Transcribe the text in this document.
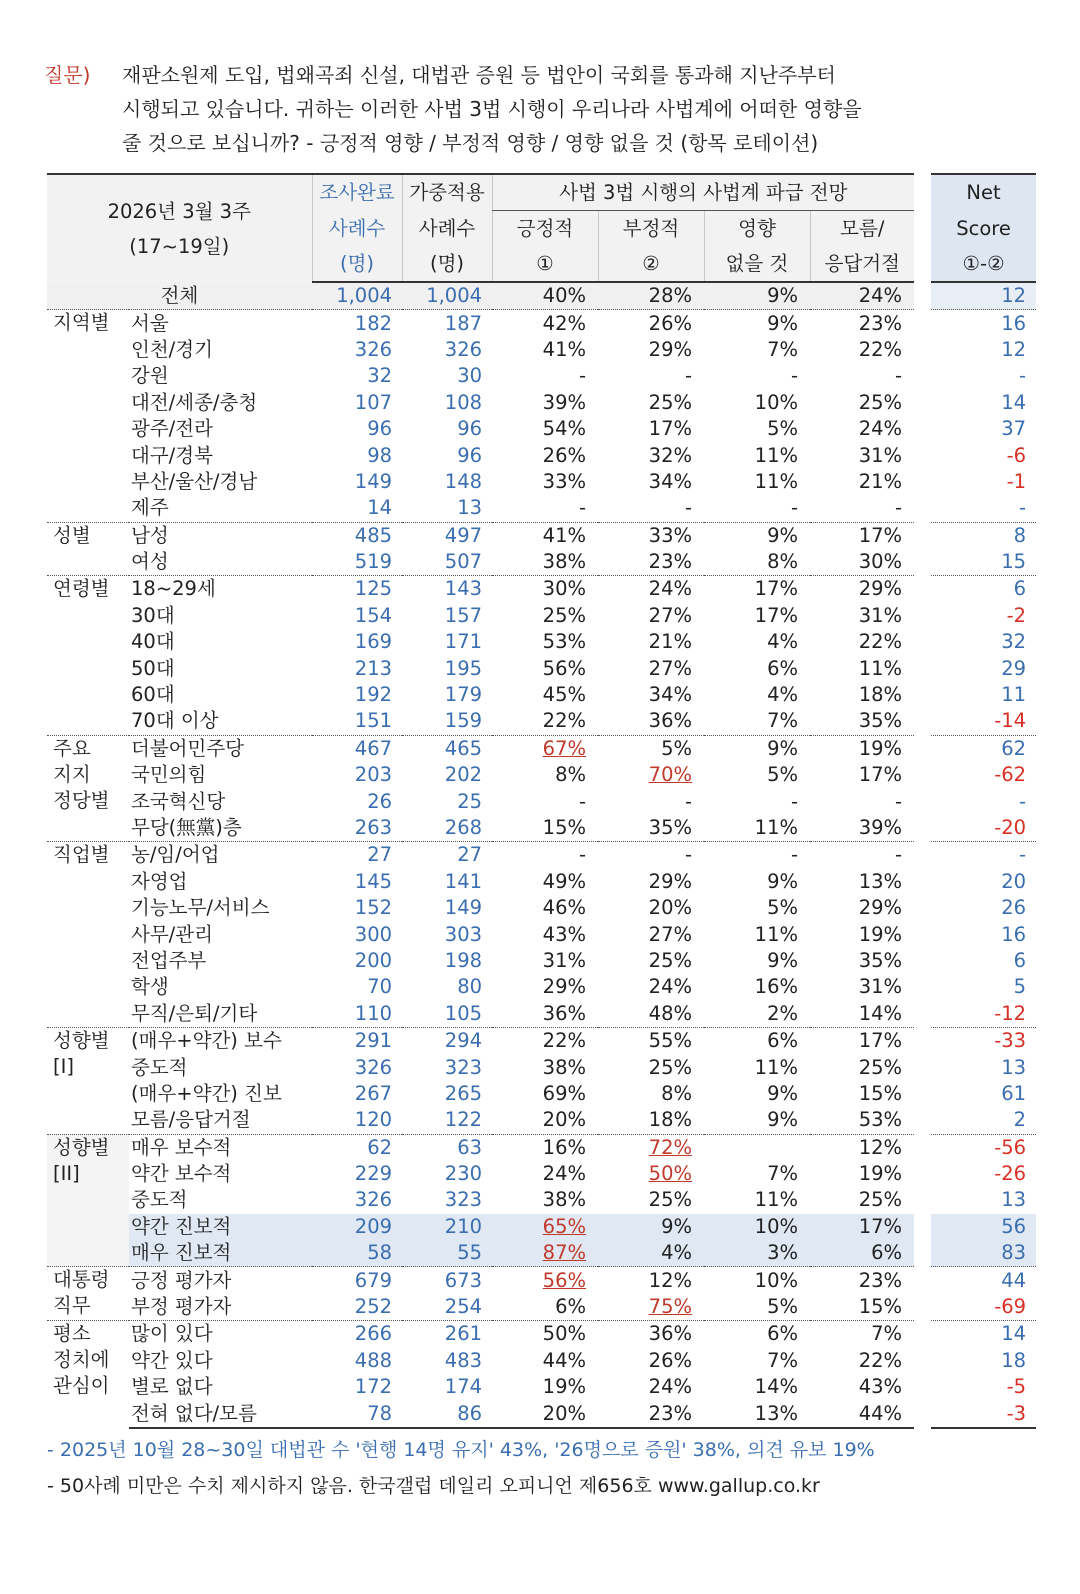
질문) 재판소원제 도입, 법왜곡죄 신설, 대법관 증원 등 법안이 국회를 통과해 지난주부터
시행되고 있습니다. 귀하는 이러한 사법 3법 시행이 우리나라 사법계에 어떠한 영향을
줄 것으로 보십니까? - 긍정적 영향 / 부정적 영향 / 영향 없을 것 (항목 로테이션)
2026년 3월 3주
(17~19일)		조사완료	가중적용	사법 3법 시행의 사법계 파급 전망					Net
		사례수	사례수	긍정적	부정적	영향	모름/		Score
		(명)	(명)	①	②	없을 것	응답거절		①-②
전체		1,004	1,004	40%	28%	9%	24%		12
지역별	서울	182	187	42%	26%	9%	23%		16
	인천/경기	326	326	41%	29%	7%	22%		12
	강원	32	30	-	-	-	-		-
	대전/세종/충청	107	108	39%	25%	10%	25%		14
	광주/전라	96	96	54%	17%	5%	24%		37
	대구/경북	98	96	26%	32%	11%	31%		-6
	부산/울산/경남	149	148	33%	34%	11%	21%		-1
	제주	14	13	-	-	-	-		-
성별	남성	485	497	41%	33%	9%	17%		8
	여성	519	507	38%	23%	8%	30%		15
연령별	18~29세	125	143	30%	24%	17%	29%		6
	30대	154	157	25%	27%	17%	31%		-2
	40대	169	171	53%	21%	4%	22%		32
	50대	213	195	56%	27%	6%	11%		29
	60대	192	179	45%	34%	4%	18%		11
	70대 이상	151	159	22%	36%	7%	35%		-14
주요
지지
정당별	더불어민주당	467	465	67%	5%	9%	19%		62
	국민의힘	203	202	8%	70%	5%	17%		-62
	조국혁신당	26	25	-	-	-	-		-
	무당(無黨)층	263	268	15%	35%	11%	39%		-20
직업별	농/임/어업	27	27	-	-	-	-		-
	자영업	145	141	49%	29%	9%	13%		20
	기능노무/서비스	152	149	46%	20%	5%	29%		26
	사무/관리	300	303	43%	27%	11%	19%		16
	전업주부	200	198	31%	25%	9%	35%		6
	학생	70	80	29%	24%	16%	31%		5
	무직/은퇴/기타	110	105	36%	48%	2%	14%		-12
성향별
[I]	(매우+약간) 보수	291	294	22%	55%	6%	17%		-33
	중도적	326	323	38%	25%	11%	25%		13
	(매우+약간) 진보	267	265	69%	8%	9%	15%		61
	모름/응답거절	120	122	20%	18%	9%	53%		2
성향별
[II]	매우 보수적	62	63	16%	72%		12%		-56
	약간 보수적	229	230	24%	50%	7%	19%		-26
	중도적	326	323	38%	25%	11%	25%		13
	약간 진보적	209	210	65%	9%	10%	17%		56
	매우 진보적	58	55	87%	4%	3%	6%		83
대통령
직무	긍정 평가자	679	673	56%	12%	10%	23%		44
	부정 평가자	252	254	6%	75%	5%	15%		-69
평소
정치에
관심이	많이 있다	266	261	50%	36%	6%	7%		14
	약간 있다	488	483	44%	26%	7%	22%		18
	별로 없다	172	174	19%	24%	14%	43%		-5
	전혀 없다/모름	78	86	20%	23%	13%	44%		-3
- 2025년 10월 28~30일 대법관 수 '현행 14명 유지' 43%, '26명으로 증원' 38%, 의견 유보 19%
- 50사례 미만은 수치 제시하지 않음. 한국갤럽 데일리 오피니언 제656호 www.gallup.co.kr
